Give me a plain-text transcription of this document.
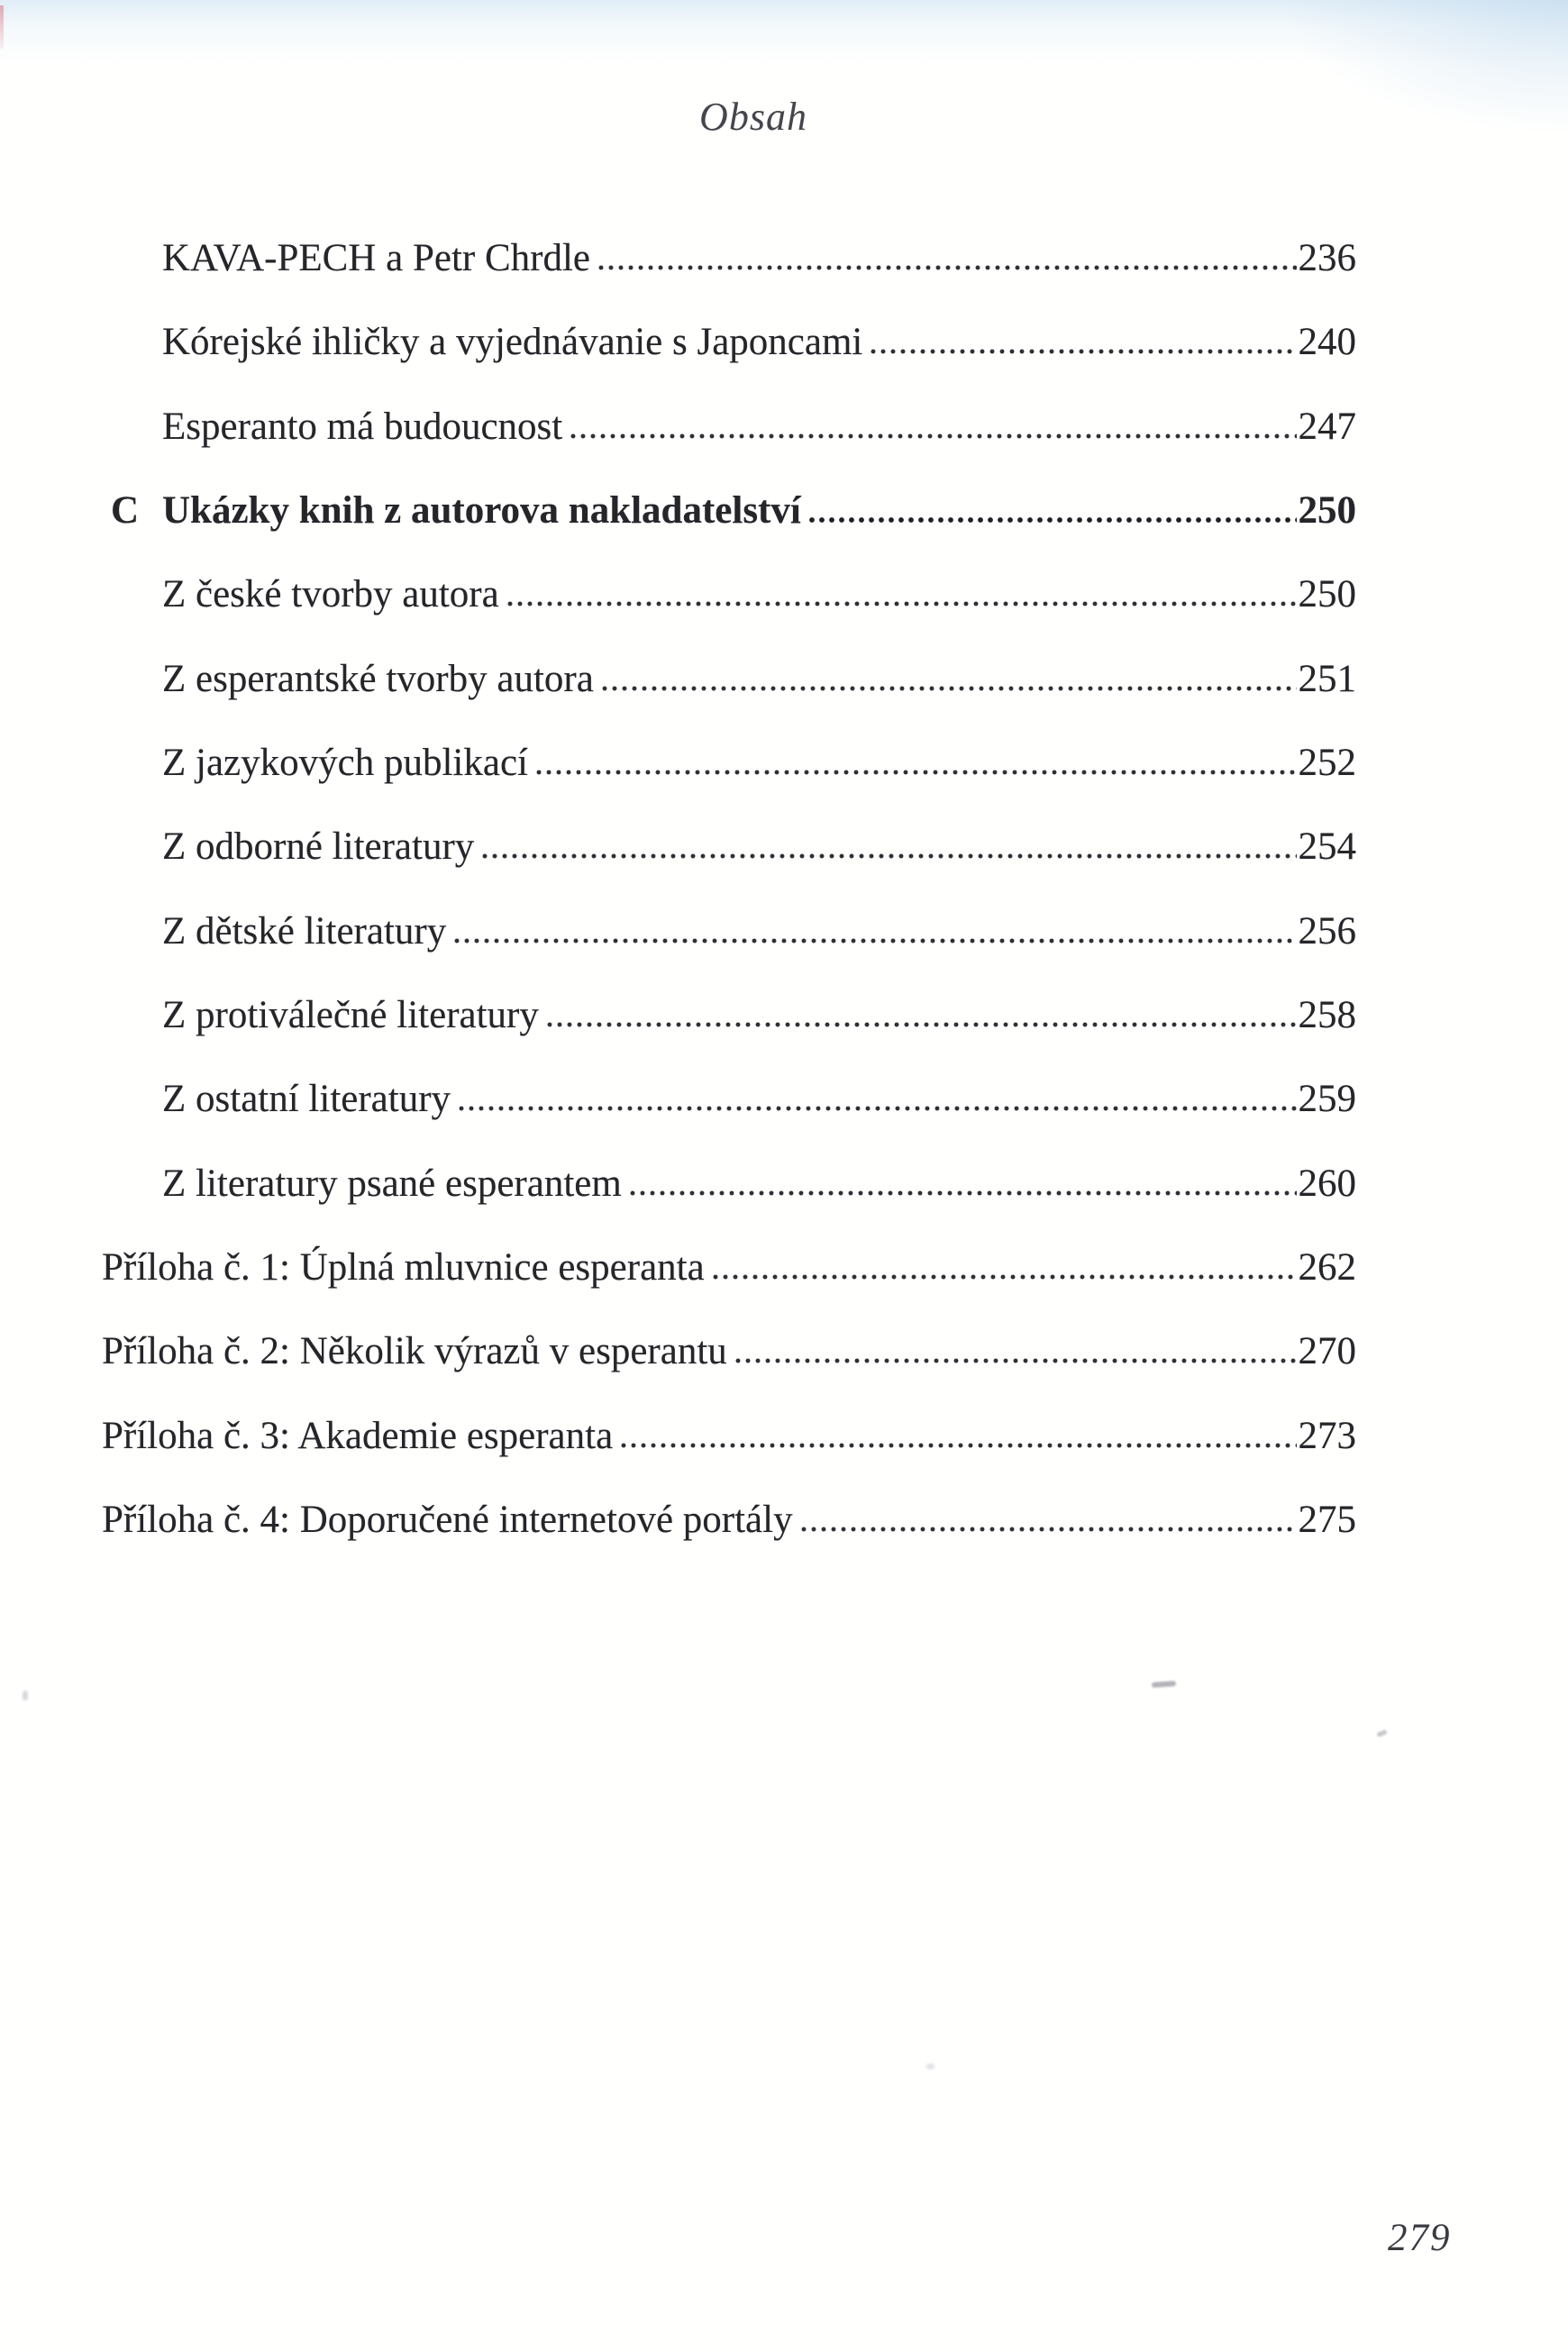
Obsah
KAVA-PECH a Petr Chrdle	236
Kórejské ihličky a vyjednávanie s Japoncami	240
Esperanto má budoucnost	247
C Ukázky knih z autorova nakladatelství	250
Z české tvorby autora	250
Z esperantské tvorby autora	251
Z jazykových publikací	252
Z odborné literatury	254
Z dětské literatury	256
Z protiválečné literatury	258
Z ostatní literatury	259
Z literatury psané esperantem	260
Příloha č. 1: Úplná mluvnice esperanta	262
Příloha č. 2: Několik výrazů v esperantu	270
Příloha č. 3: Akademie esperanta	273
Příloha č. 4: Doporučené internetové portály	275
279
